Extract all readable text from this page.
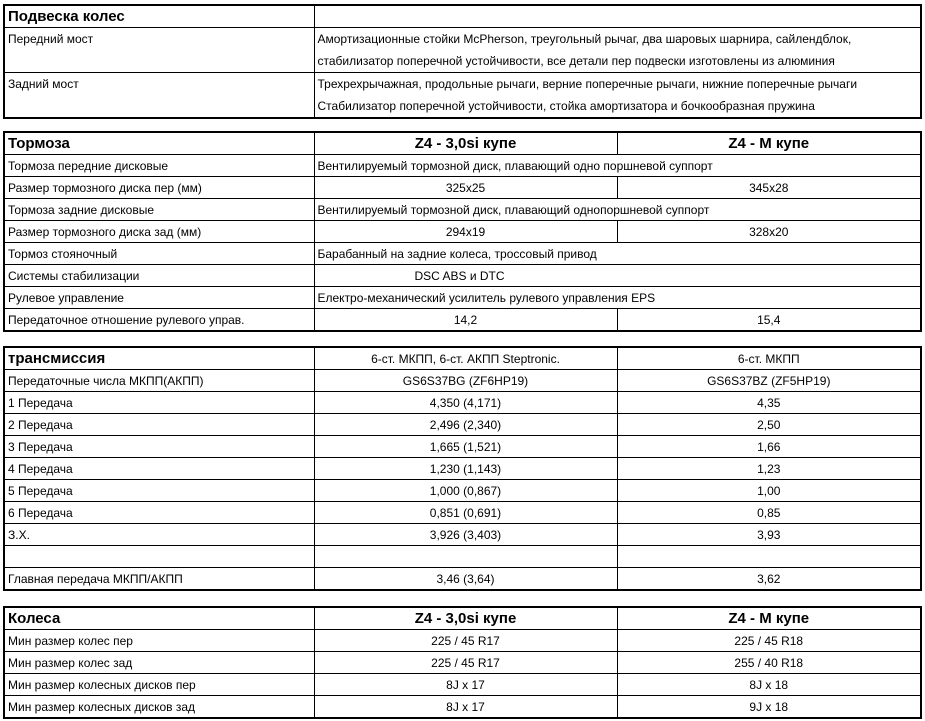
Подвеска колес	
Передний мост	Амортизационные стойки McPherson, треугольный рычаг, два шаровых шарнира, сайлендблок, стабилизатор поперечной устойчивости, все детали пер подвески изготовлены из алюминия
Задний мост	Трехрехрычажная, продольные рычаги, верние поперечные рычаги, нижние поперечные рычаги Стабилизатор поперечной устойчивости, стойка амортизатора и бочкообразная пружина
Тормоза	Z4 - 3,0si купе	Z4 - M купе
Тормоза передние дисковые	Вентилируемый тормозной диск, плавающий одно поршневой суппорт	
Размер тормозного диска пер (мм)	325x25	345x28
Тормоза задние дисковые	Вентилируемый тормозной диск, плавающий однопоршневой суппорт	
Размер тормозного диска зад (мм)	294x19	328x20
Тормоз стояночный	Барабанный на задние колеса, троссовый привод	
Системы стабилизации	DSC ABS и DTC	
Рулевое управление	Електро-механический усилитель рулевого управления EPS	
Передаточное отношение рулевого управ.	14,2	15,4
трансмиссия	6-ст. МКПП, 6-ст. АКПП Steptronic.	6-ст. МКПП
Передаточные числа МКПП(АКПП)	GS6S37BG (ZF6HP19)	GS6S37BZ (ZF5HP19)
1 Передача	4,350 (4,171)	4,35
2 Передача	2,496 (2,340)	2,50
3 Передача	1,665 (1,521)	1,66
4 Передача	1,230 (1,143)	1,23
5 Передача	1,000 (0,867)	1,00
6 Передача	0,851 (0,691)	0,85
З.Х.	3,926 (3,403)	3,93

Главная передача МКПП/АКПП	3,46 (3,64)	3,62
Колеса	Z4 - 3,0si купе	Z4 - M купе
Мин размер колес пер	225 / 45 R17	225 / 45 R18
Мин размер колес зад	225 / 45 R17	255 / 40 R18
Мин размер колесных дисков пер	8J x 17	8J x 18
Мин размер колесных дисков зад	8J x 17	9J x 18
